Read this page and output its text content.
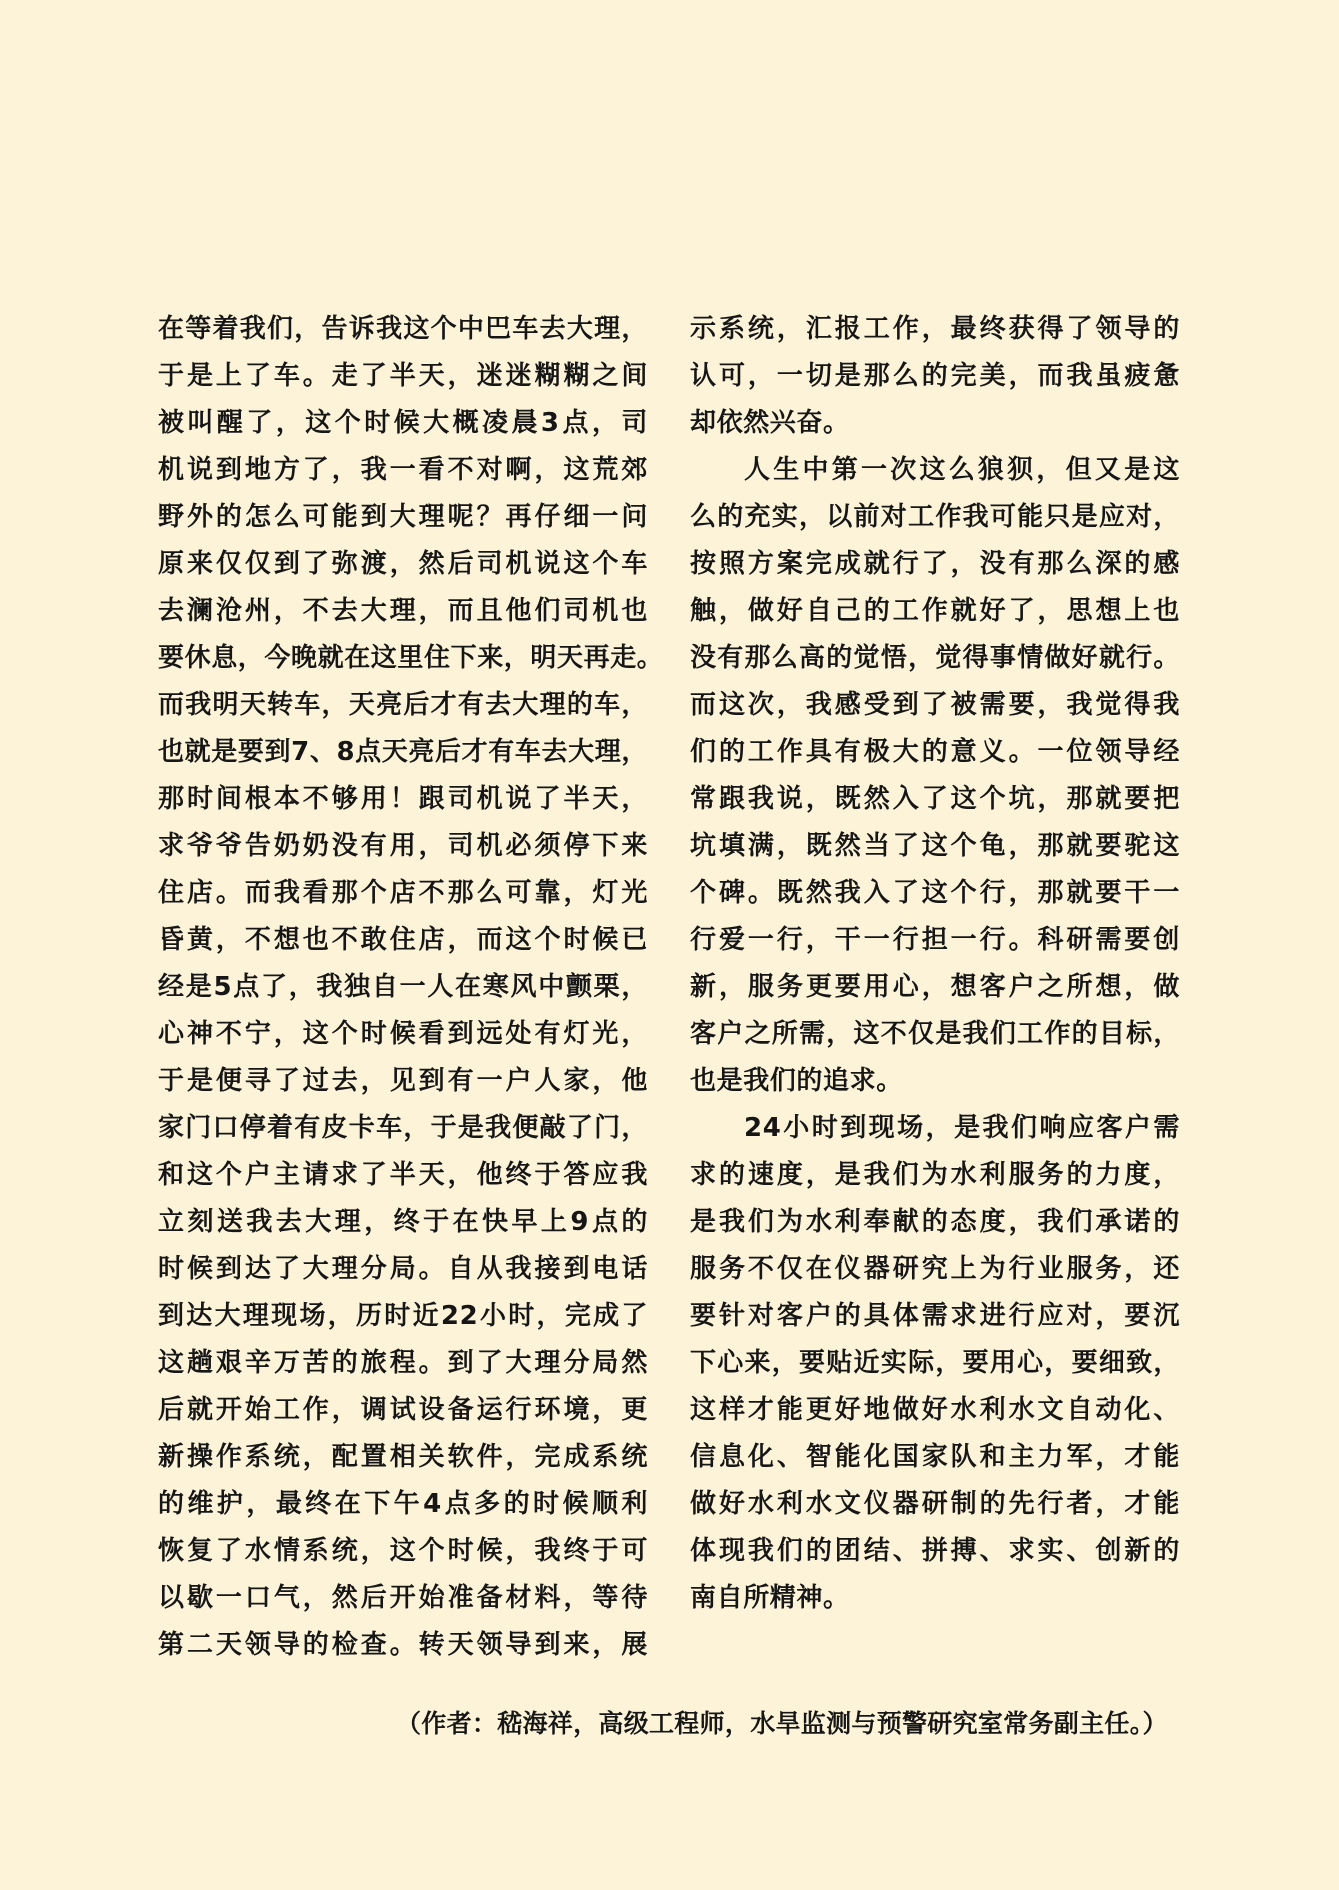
在等着我们，告诉我这个中巴车去大理，
于是上了车。走了半天，迷迷糊糊之间
被叫醒了，这个时候大概凌晨3点，司
机说到地方了，我一看不对啊，这荒郊
野外的怎么可能到大理呢？再仔细一问
原来仅仅到了弥渡，然后司机说这个车
去澜沧州，不去大理，而且他们司机也
要休息，今晚就在这里住下来，明天再走。
而我明天转车，天亮后才有去大理的车，
也就是要到7、8点天亮后才有车去大理，
那时间根本不够用！跟司机说了半天，
求爷爷告奶奶没有用，司机必须停下来
住店。而我看那个店不那么可靠，灯光
昏黄，不想也不敢住店，而这个时候已
经是5点了，我独自一人在寒风中颤栗，
心神不宁，这个时候看到远处有灯光，
于是便寻了过去，见到有一户人家，他
家门口停着有皮卡车，于是我便敲了门，
和这个户主请求了半天，他终于答应我
立刻送我去大理，终于在快早上9点的
时候到达了大理分局。自从我接到电话
到达大理现场，历时近22小时，完成了
这趟艰辛万苦的旅程。到了大理分局然
后就开始工作，调试设备运行环境，更
新操作系统，配置相关软件，完成系统
的维护，最终在下午4点多的时候顺利
恢复了水情系统，这个时候，我终于可
以歇一口气，然后开始准备材料，等待
第二天领导的检查。转天领导到来，展
示系统，汇报工作，最终获得了领导的
认可，一切是那么的完美，而我虽疲惫
却依然兴奋。
人生中第一次这么狼狈，但又是这
么的充实，以前对工作我可能只是应对，
按照方案完成就行了，没有那么深的感
触，做好自己的工作就好了，思想上也
没有那么高的觉悟，觉得事情做好就行。
而这次，我感受到了被需要，我觉得我
们的工作具有极大的意义。一位领导经
常跟我说，既然入了这个坑，那就要把
坑填满，既然当了这个龟，那就要驼这
个碑。既然我入了这个行，那就要干一
行爱一行，干一行担一行。科研需要创
新，服务更要用心，想客户之所想，做
客户之所需，这不仅是我们工作的目标，
也是我们的追求。
24小时到现场，是我们响应客户需
求的速度，是我们为水利服务的力度，
是我们为水利奉献的态度，我们承诺的
服务不仅在仪器研究上为行业服务，还
要针对客户的具体需求进行应对，要沉
下心来，要贴近实际，要用心，要细致，
这样才能更好地做好水利水文自动化、
信息化、智能化国家队和主力军，才能
做好水利水文仪器研制的先行者，才能
体现我们的团结、拼搏、求实、创新的
南自所精神。
（作者：嵇海祥，高级工程师，水旱监测与预警研究室常务副主任。）
